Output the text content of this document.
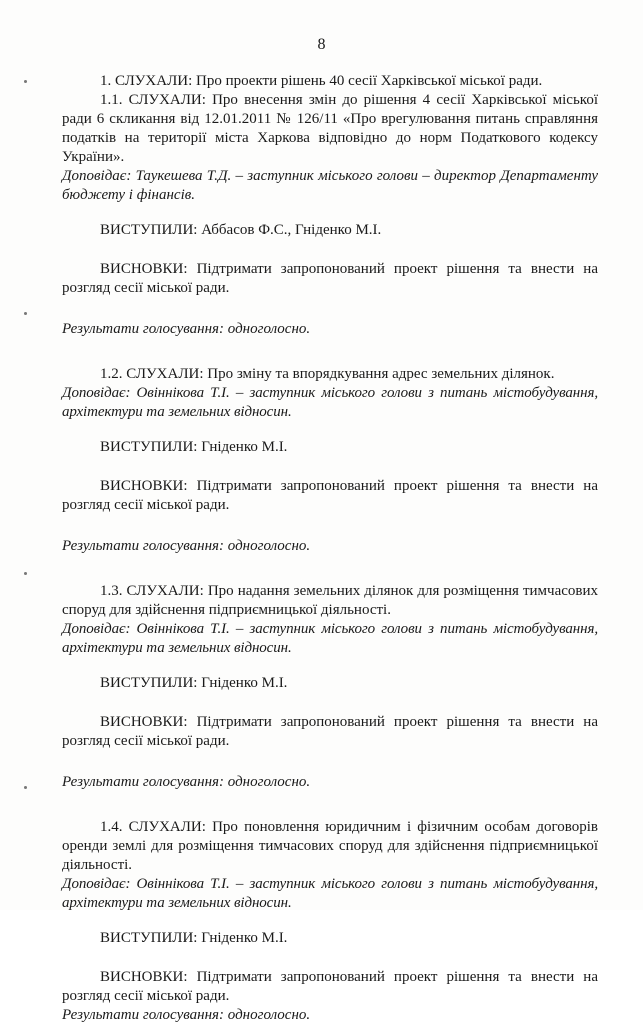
8

1. СЛУХАЛИ: Про проекти рішень 40 сесії Харківської міської ради.

1.1. СЛУХАЛИ: Про внесення змін до рішення 4 сесії Харківської міської ради 6 скликання від 12.01.2011 № 126/11 «Про врегулювання питань справляння податків на території міста Харкова відповідно до норм Податкового кодексу України».

Доповідає: Таукешева Т.Д. – заступник міського голови – директор Департаменту бюджету і фінансів.

ВИСТУПИЛИ: Аббасов Ф.С., Гніденко М.І.

ВИСНОВКИ: Підтримати запропонований проект рішення та внести на розгляд сесії міської ради.

Результати голосування: одноголосно.

1.2. СЛУХАЛИ: Про зміну та впорядкування адрес земельних ділянок.

Доповідає: Овіннікова Т.І. – заступник міського голови з питань містобудування, архітектури та земельних відносин.

ВИСТУПИЛИ: Гніденко М.І.

ВИСНОВКИ: Підтримати запропонований проект рішення та внести на розгляд сесії міської ради.

Результати голосування: одноголосно.

1.3. СЛУХАЛИ: Про надання земельних ділянок для розміщення тимчасових споруд для здійснення підприємницької діяльності.

Доповідає: Овіннікова Т.І. – заступник міського голови з питань містобудування, архітектури та земельних відносин.

ВИСТУПИЛИ: Гніденко М.І.

ВИСНОВКИ: Підтримати запропонований проект рішення та внести на розгляд сесії міської ради.

Результати голосування: одноголосно.

1.4. СЛУХАЛИ: Про поновлення юридичним і фізичним особам договорів оренди землі для розміщення тимчасових споруд для здійснення підприємницької діяльності.

Доповідає: Овіннікова Т.І. – заступник міського голови з питань містобудування, архітектури та земельних відносин.

ВИСТУПИЛИ: Гніденко М.І.

ВИСНОВКИ: Підтримати запропонований проект рішення та внести на розгляд сесії міської ради.

Результати голосування: одноголосно.
